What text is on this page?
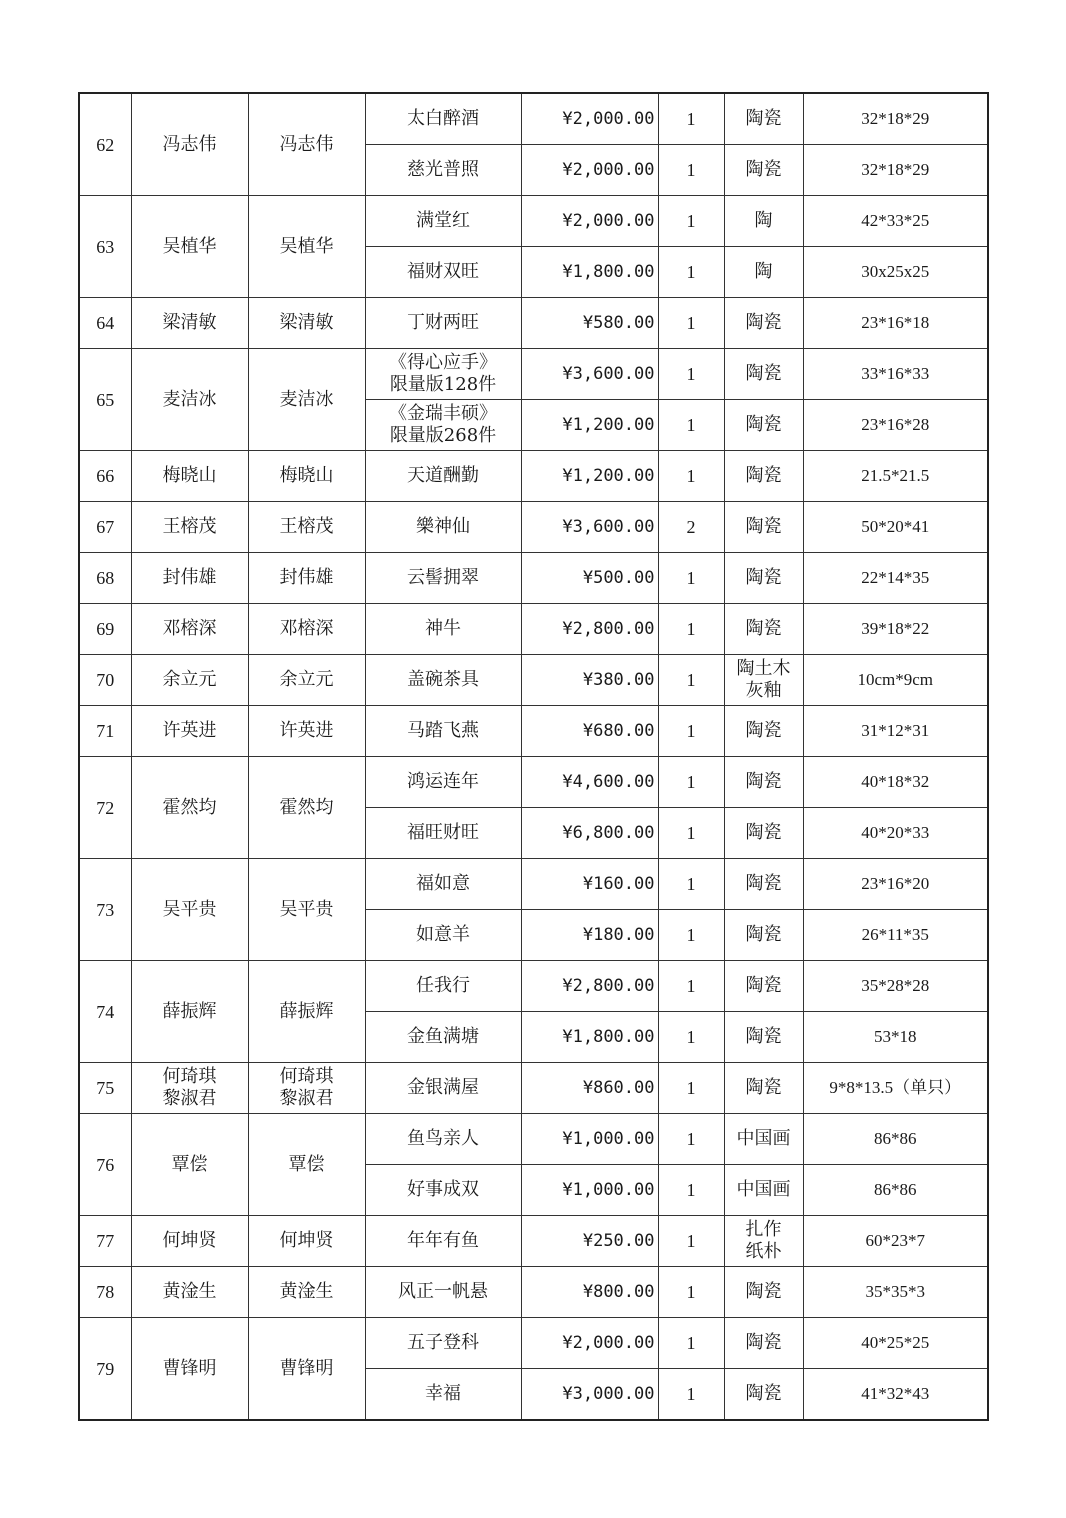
62	冯志伟	冯志伟	太白醉酒	¥2,000.00	1	陶瓷	32*18*29
			慈光普照	¥2,000.00	1	陶瓷	32*18*29
63	吴植华	吴植华	满堂红	¥2,000.00	1	陶	42*33*25
			福财双旺	¥1,800.00	1	陶	30x25x25
64	梁清敏	梁清敏	丁财两旺	¥580.00	1	陶瓷	23*16*18
65	麦洁冰	麦洁冰	《得心应手》
限量版128件	¥3,600.00	1	陶瓷	33*16*33
			《金瑞丰硕》
限量版268件	¥1,200.00	1	陶瓷	23*16*28
66	梅晓山	梅晓山	天道酬勤	¥1,200.00	1	陶瓷	21.5*21.5
67	王榕茂	王榕茂	樂神仙	¥3,600.00	2	陶瓷	50*20*41
68	封伟雄	封伟雄	云髻拥翠	¥500.00	1	陶瓷	22*14*35
69	邓榕深	邓榕深	神牛	¥2,800.00	1	陶瓷	39*18*22
70	余立元	余立元	盖碗茶具	¥380.00	1	陶土木
灰釉	10cm*9cm
71	许英进	许英进	马踏飞燕	¥680.00	1	陶瓷	31*12*31
72	霍然均	霍然均	鸿运连年	¥4,600.00	1	陶瓷	40*18*32
			福旺财旺	¥6,800.00	1	陶瓷	40*20*33
73	吴平贵	吴平贵	福如意	¥160.00	1	陶瓷	23*16*20
			如意羊	¥180.00	1	陶瓷	26*11*35
74	薛振辉	薛振辉	任我行	¥2,800.00	1	陶瓷	35*28*28
			金鱼满塘	¥1,800.00	1	陶瓷	53*18
75	何琦琪
黎淑君	何琦琪
黎淑君	金银满屋	¥860.00	1	陶瓷	9*8*13.5（单只）
76	覃偿	覃偿	鱼鸟亲人	¥1,000.00	1	中国画	86*86
			好事成双	¥1,000.00	1	中国画	86*86
77	何坤贤	何坤贤	年年有鱼	¥250.00	1	扎作
纸朴	60*23*7
78	黄淦生	黄淦生	风正一帆悬	¥800.00	1	陶瓷	35*35*3
79	曹锋明	曹锋明	五子登科	¥2,000.00	1	陶瓷	40*25*25
			幸福	¥3,000.00	1	陶瓷	41*32*43
